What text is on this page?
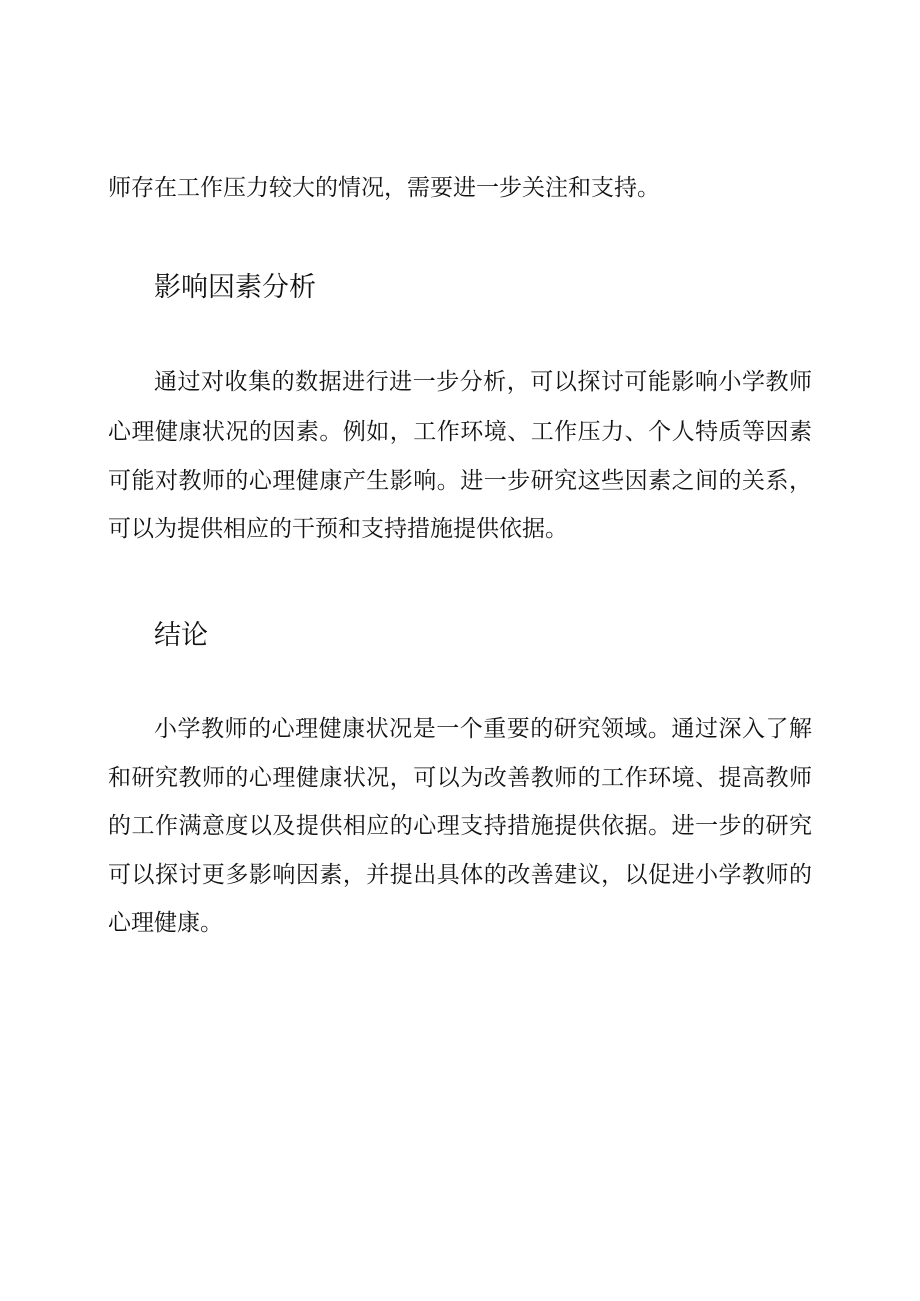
师存在工作压力较大的情况，需要进一步关注和支持。
影响因素分析
通过对收集的数据进行进一步分析，可以探讨可能影响小学教师
心理健康状况的因素。例如，工作环境、工作压力、个人特质等因素
可能对教师的心理健康产生影响。进一步研究这些因素之间的关系，
可以为提供相应的干预和支持措施提供依据。
结论
小学教师的心理健康状况是一个重要的研究领域。通过深入了解
和研究教师的心理健康状况，可以为改善教师的工作环境、提高教师
的工作满意度以及提供相应的心理支持措施提供依据。进一步的研究
可以探讨更多影响因素，并提出具体的改善建议，以促进小学教师的
心理健康。
